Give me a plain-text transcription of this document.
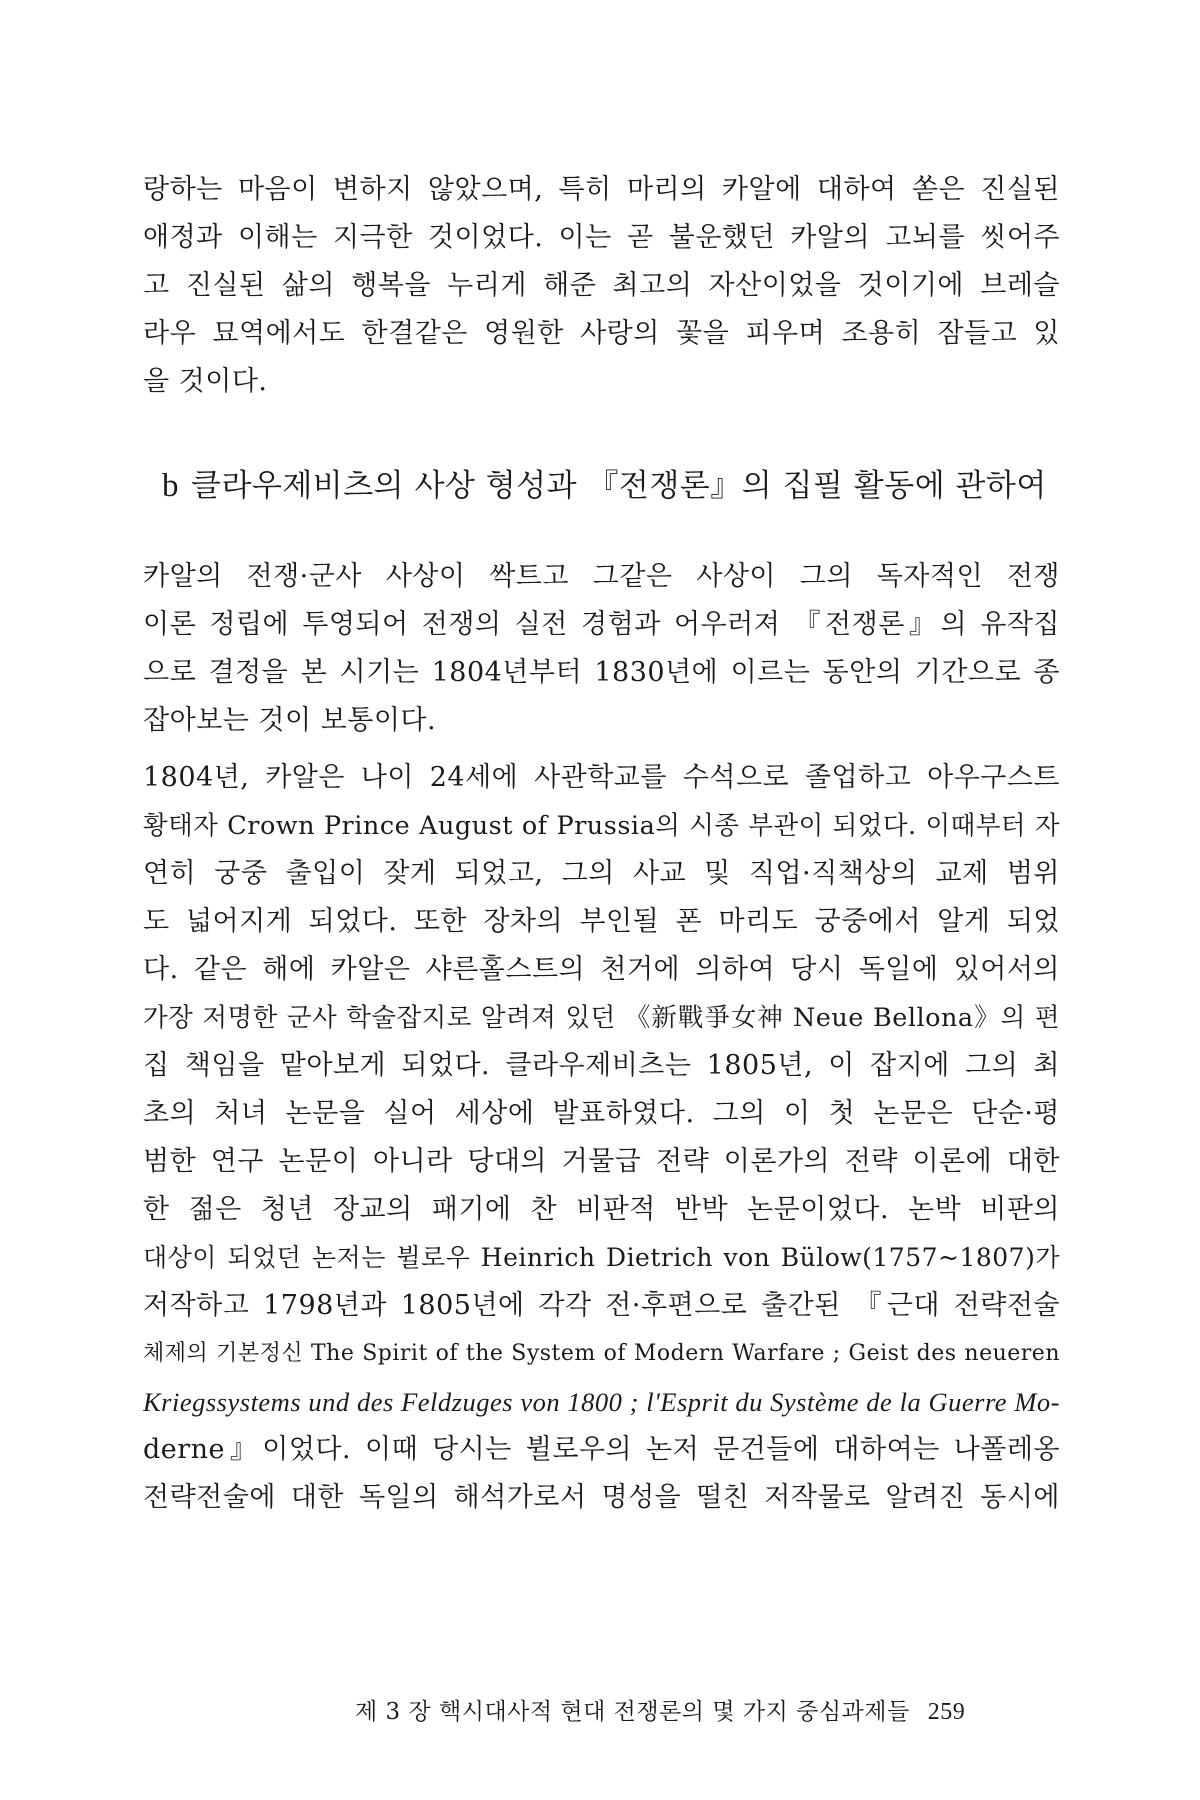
랑하는 마음이 변하지 않았으며, 특히 마리의 카알에 대하여 쏟은 진실된
애정과 이해는 지극한 것이었다. 이는 곧 불운했던 카알의 고뇌를 씻어주
고 진실된 삶의 행복을 누리게 해준 최고의 자산이었을 것이기에 브레슬
라우 묘역에서도 한결같은 영원한 사랑의 꽃을 피우며 조용히 잠들고 있
을 것이다.
b 클라우제비츠의 사상 형성과 『전쟁론』의 집필 활동에 관하여
카알의 전쟁·군사 사상이 싹트고 그같은 사상이 그의 독자적인 전쟁
이론 정립에 투영되어 전쟁의 실전 경험과 어우러져 『전쟁론』의 유작집
으로 결정을 본 시기는 1804년부터 1830년에 이르는 동안의 기간으로 종
잡아보는 것이 보통이다.
1804년, 카알은 나이 24세에 사관학교를 수석으로 졸업하고 아우구스트
황태자 Crown Prince August of Prussia의 시종 부관이 되었다. 이때부터 자
연히 궁중 출입이 잦게 되었고, 그의 사교 및 직업·직책상의 교제 범위
도 넓어지게 되었다. 또한 장차의 부인될 폰 마리도 궁중에서 알게 되었
다. 같은 해에 카알은 샤른홀스트의 천거에 의하여 당시 독일에 있어서의
가장 저명한 군사 학술잡지로 알려져 있던 《新戰爭女神 Neue Bellona》의 편
집 책임을 맡아보게 되었다. 클라우제비츠는 1805년, 이 잡지에 그의 최
초의 처녀 논문을 실어 세상에 발표하였다. 그의 이 첫 논문은 단순·평
범한 연구 논문이 아니라 당대의 거물급 전략 이론가의 전략 이론에 대한
한 젊은 청년 장교의 패기에 찬 비판적 반박 논문이었다. 논박 비판의
대상이 되었던 논저는 뷜로우 Heinrich Dietrich von Bülow(1757~1807)가
저작하고 1798년과 1805년에 각각 전·후편으로 출간된 『근대 전략전술
체제의 기본정신 The Spirit of the System of Modern Warfare ; Geist des neueren
Kriegssystems und des Feldzuges von 1800 ; l'Esprit du Système de la Guerre Mo-
derne』이었다. 이때 당시는 뷜로우의 논저 문건들에 대하여는 나폴레옹
전략전술에 대한 독일의 해석가로서 명성을 떨친 저작물로 알려진 동시에
제 3 장 핵시대사적 현대 전쟁론의 몇 가지 중심과제들 259
